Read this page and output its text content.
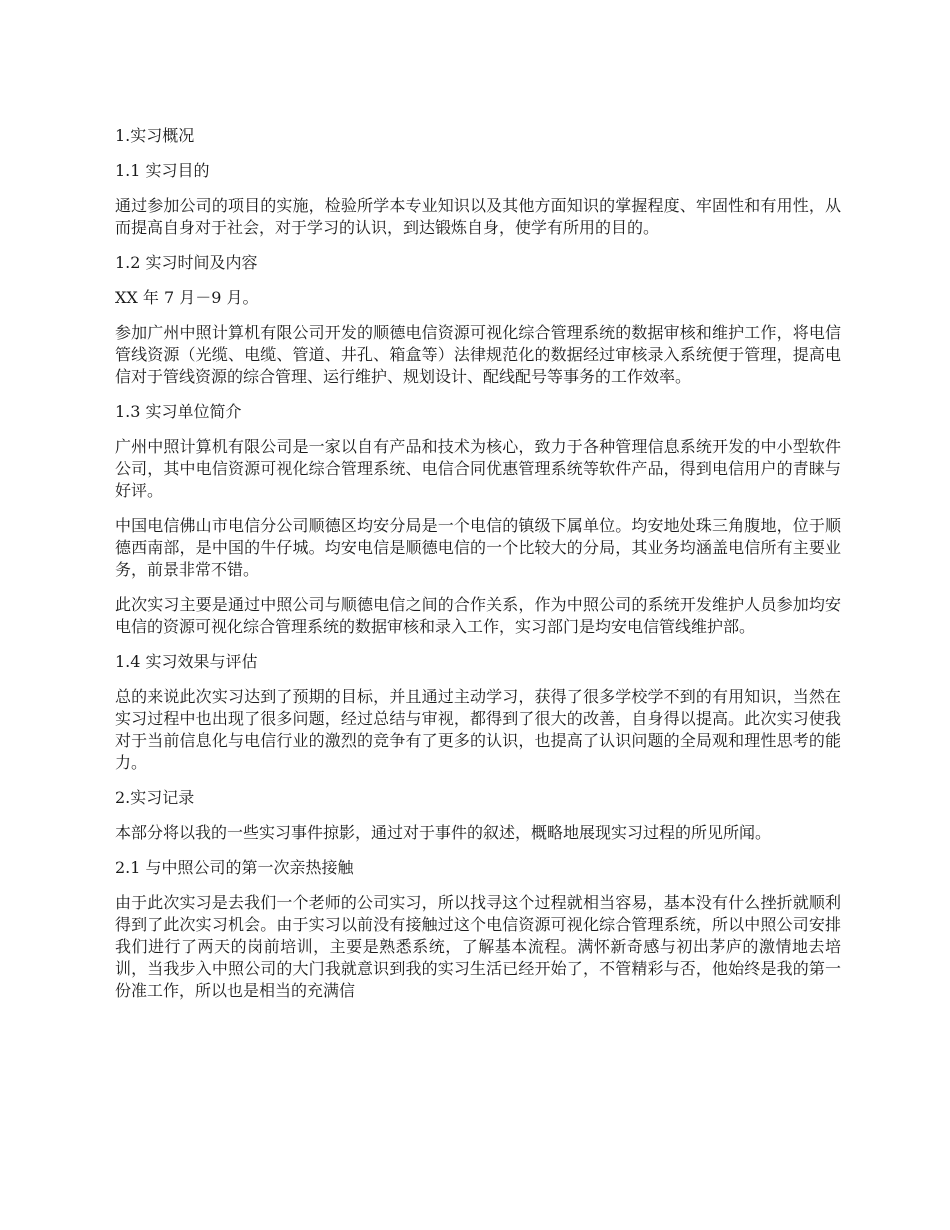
1.实习概况

1.1 实习目的

通过参加公司的项目的实施，检验所学本专业知识以及其他方面知识的掌握程度、牢固性和有用性，从而提高自身对于社会，对于学习的认识，到达锻炼自身，使学有所用的目的。

1.2 实习时间及内容

XX 年 7 月－9 月。

参加广州中照计算机有限公司开发的顺德电信资源可视化综合管理系统的数据审核和维护工作，将电信管线资源（光缆、电缆、管道、井孔、箱盒等）法律规范化的数据经过审核录入系统便于管理，提高电信对于管线资源的综合管理、运行维护、规划设计、配线配号等事务的工作效率。

1.3 实习单位简介

广州中照计算机有限公司是一家以自有产品和技术为核心，致力于各种管理信息系统开发的中小型软件公司，其中电信资源可视化综合管理系统、电信合同优惠管理系统等软件产品，得到电信用户的青睐与好评。

中国电信佛山市电信分公司顺德区均安分局是一个电信的镇级下属单位。均安地处珠三角腹地，位于顺德西南部，是中国的牛仔城。均安电信是顺德电信的一个比较大的分局，其业务均涵盖电信所有主要业务，前景非常不错。

此次实习主要是通过中照公司与顺德电信之间的合作关系，作为中照公司的系统开发维护人员参加均安电信的资源可视化综合管理系统的数据审核和录入工作，实习部门是均安电信管线维护部。

1.4 实习效果与评估

总的来说此次实习达到了预期的目标，并且通过主动学习，获得了很多学校学不到的有用知识，当然在实习过程中也出现了很多问题，经过总结与审视，都得到了很大的改善，自身得以提高。此次实习使我对于当前信息化与电信行业的激烈的竞争有了更多的认识，也提高了认识问题的全局观和理性思考的能力。

2.实习记录

本部分将以我的一些实习事件掠影，通过对于事件的叙述，概略地展现实习过程的所见所闻。

2.1 与中照公司的第一次亲热接触

由于此次实习是去我们一个老师的公司实习，所以找寻这个过程就相当容易，基本没有什么挫折就顺利得到了此次实习机会。由于实习以前没有接触过这个电信资源可视化综合管理系统，所以中照公司安排我们进行了两天的岗前培训，主要是熟悉系统，了解基本流程。满怀新奇感与初出茅庐的激情地去培训，当我步入中照公司的大门我就意识到我的实习生活已经开始了，不管精彩与否，他始终是我的第一份准工作，所以也是相当的充满信
